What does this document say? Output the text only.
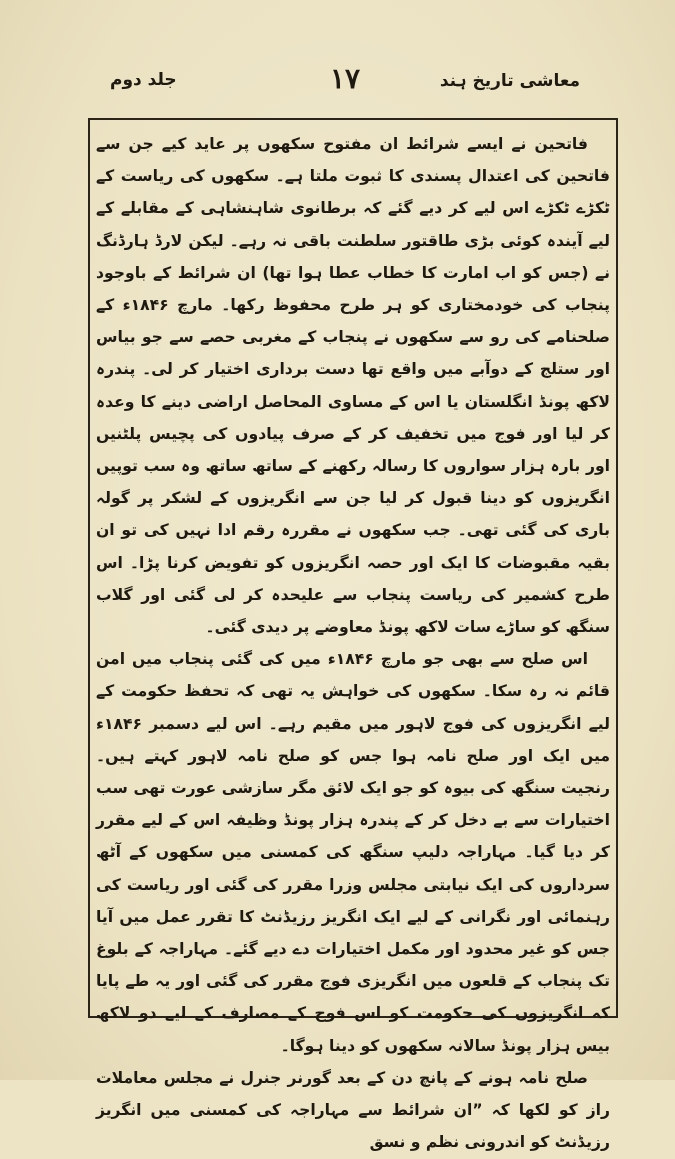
معاشی تاریخ ہند
۱۷
جلد دوم

فاتحین نے ایسے شرائط ان مفتوح سکھوں پر عاید کیے جن سے فاتحین کی اعتدال پسندی کا ثبوت ملتا ہے۔ سکھوں کی ریاست کے ٹکڑے ٹکڑے اس لیے کر دیے گئے کہ برطانوی شاہنشاہی کے مقابلے کے لیے آیندہ کوئی بڑی طاقتور سلطنت باقی نہ رہے۔ لیکن لارڈ ہارڈنگ نے (جس کو اب امارت کا خطاب عطا ہوا تھا) ان شرائط کے باوجود پنجاب کی خودمختاری کو ہر طرح محفوظ رکھا۔ مارچ ۱۸۴۶ء کے صلحنامے کی رو سے سکھوں نے پنجاب کے مغربی حصے سے جو بیاس اور ستلج کے دوآبے میں واقع تھا دست برداری اختیار کر لی۔ پندرہ لاکھ پونڈ انگلستان یا اس کے مساوی المحاصل اراضی دینے کا وعدہ کر لیا اور فوج میں تخفیف کر کے صرف پیادوں کی پچیس پلٹنیں اور بارہ ہزار سواروں کا رسالہ رکھنے کے ساتھ ساتھ وہ سب توپیں انگریزوں کو دینا قبول کر لیا جن سے انگریزوں کے لشکر پر گولہ باری کی گئی تھی۔ جب سکھوں نے مقررہ رقم ادا نہیں کی تو ان بقیہ مقبوضات کا ایک اور حصہ انگریزوں کو تفویض کرنا پڑا۔ اس طرح کشمیر کی ریاست پنجاب سے علیحدہ کر لی گئی اور گلاب سنگھ کو ساڑے سات لاکھ پونڈ معاوضے پر دیدی گئی۔

اس صلح سے بھی جو مارچ ۱۸۴۶ء میں کی گئی پنجاب میں امن قائم نہ رہ سکا۔ سکھوں کی خواہش یہ تھی کہ تحفظ حکومت کے لیے انگریزوں کی فوج لاہور میں مقیم رہے۔ اس لیے دسمبر ۱۸۴۶ء میں ایک اور صلح نامہ ہوا جس کو صلح نامہ لاہور کہتے ہیں۔ رنجیت سنگھ کی بیوہ کو جو ایک لائق مگر سازشی عورت تھی سب اختیارات سے بے دخل کر کے پندرہ ہزار پونڈ وظیفہ اس کے لیے مقرر کر دیا گیا۔ مہاراجہ دلیپ سنگھ کی کمسنی میں سکھوں کے آٹھ سرداروں کی ایک نیابتی مجلس وزرا مقرر کی گئی اور ریاست کی رہنمائی اور نگرانی کے لیے ایک انگریز رزیڈنٹ کا تقرر عمل میں آیا جس کو غیر محدود اور مکمل اختیارات دے دیے گئے۔ مہاراجہ کے بلوغ تک پنجاب کے قلعوں میں انگریزی فوج مقرر کی گئی اور یہ طے پایا کہ انگریزوں کی حکومت کو اس فوج کے مصارف کے لیے دو لاکھ بیس ہزار پونڈ سالانہ سکھوں کو دینا ہوگا۔

صلح نامہ ہونے کے پانچ دن کے بعد گورنر جنرل نے مجلس معاملات راز کو لکھا کہ ”ان شرائط سے مہاراجہ کی کمسنی میں انگریز رزیڈنٹ کو اندرونی نظم و نسق
